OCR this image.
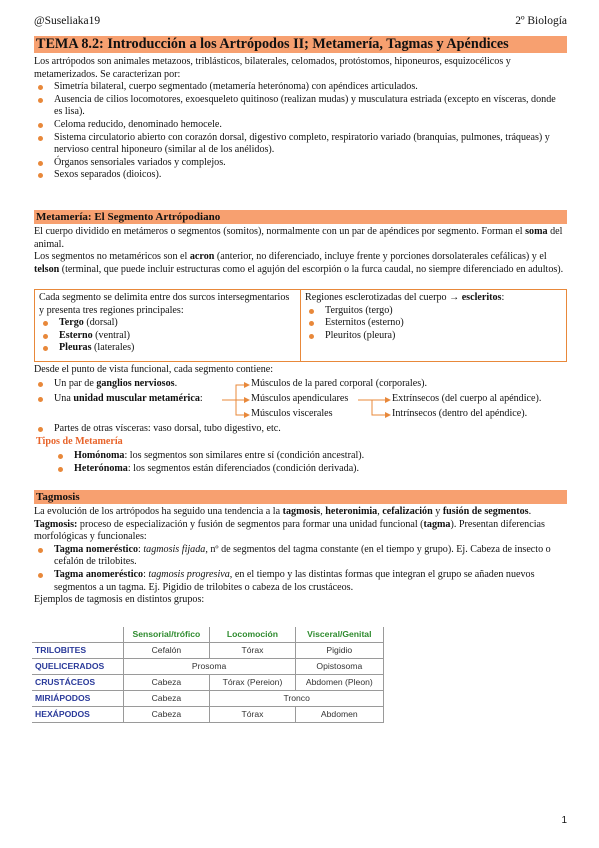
@Suseliaka19	2º Biología
TEMA 8.2: Introducción a los Artrópodos II; Metamería, Tagmas y Apéndices
Los artrópodos son animales metazoos, triblásticos, bilaterales, celomados, protóstomos, hiponeuros, esquizocélicos y metamerizados. Se caracterizan por:
Simetría bilateral, cuerpo segmentado (metamería heterónoma) con apéndices articulados.
Ausencia de cilios locomotores, exoesqueleto quitinoso (realizan mudas) y musculatura estriada (excepto en vísceras, donde es lisa).
Celoma reducido, denominado hemocele.
Sistema circulatorio abierto con corazón dorsal, digestivo completo, respiratorio variado (branquias, pulmones, tráqueas) y nervioso central hiponeuro (similar al de los anélidos).
Órganos sensoriales variados y complejos.
Sexos separados (dioicos).
Metamería: El Segmento Artrópodiano
El cuerpo dividido en metámeros o segmentos (somitos), normalmente con un par de apéndices por segmento. Forman el soma del animal.
Los segmentos no metaméricos son el acron (anterior, no diferenciado, incluye frente y porciones dorsolaterales cefálicas) y el telson (terminal, que puede incluir estructuras como el agujón del escorpión o la furca caudal, no siempre diferenciado en adultos).
Cada segmento se delimita entre dos surcos intersegmentarios y presenta tres regiones principales:
Tergo (dorsal)
Esterno (ventral)
Pleuras (laterales)
Regiones esclerotizadas del cuerpo → escleritos:
Terguitos (tergo)
Esternitos (esterno)
Pleuritos (pleura)
Desde el punto de vista funcional, cada segmento contiene:
Un par de ganglios nerviosos.
Una unidad muscular metamérica:
Músculos de la pared corporal (corporales).
Músculos apendiculares
Músculos viscerales
Extrínsecos (del cuerpo al apéndice).
Intrínsecos (dentro del apéndice).
Partes de otras vísceras: vaso dorsal, tubo digestivo, etc.
Tipos de Metamería
Homónoma: los segmentos son similares entre sí (condición ancestral).
Heterónoma: los segmentos están diferenciados (condición derivada).
Tagmosis
La evolución de los artrópodos ha seguido una tendencia a la tagmosis, heteronimia, cefalización y fusión de segmentos.
Tagmosis: proceso de especialización y fusión de segmentos para formar una unidad funcional (tagma). Presentan diferencias morfológicas y funcionales:
Tagma nomeréstico: tagmosis fijada, nº de segmentos del tagma constante (en el tiempo y grupo). Ej. Cabeza de insecto o cefalón de trilobites.
Tagma anomeréstico: tagmosis progresiva, en el tiempo y las distintas formas que integran el grupo se añaden nuevos segmentos a un tagma. Ej. Pigidio de trilobites o cabeza de los crustáceos.
Ejemplos de tagmosis en distintos grupos:
	Sensorial/trófico	Locomoción	Visceral/Genital
TRILOBITES	Cefalón	Tórax	Pigidio
QUELICERADOS	Prosoma		Opistosoma
CRUSTÁCEOS	Cabeza	Tórax (Pereion)	Abdomen (Pleon)
MIRIÁPODOS	Cabeza	Tronco	
HEXÁPODOS	Cabeza	Tórax	Abdomen
1
